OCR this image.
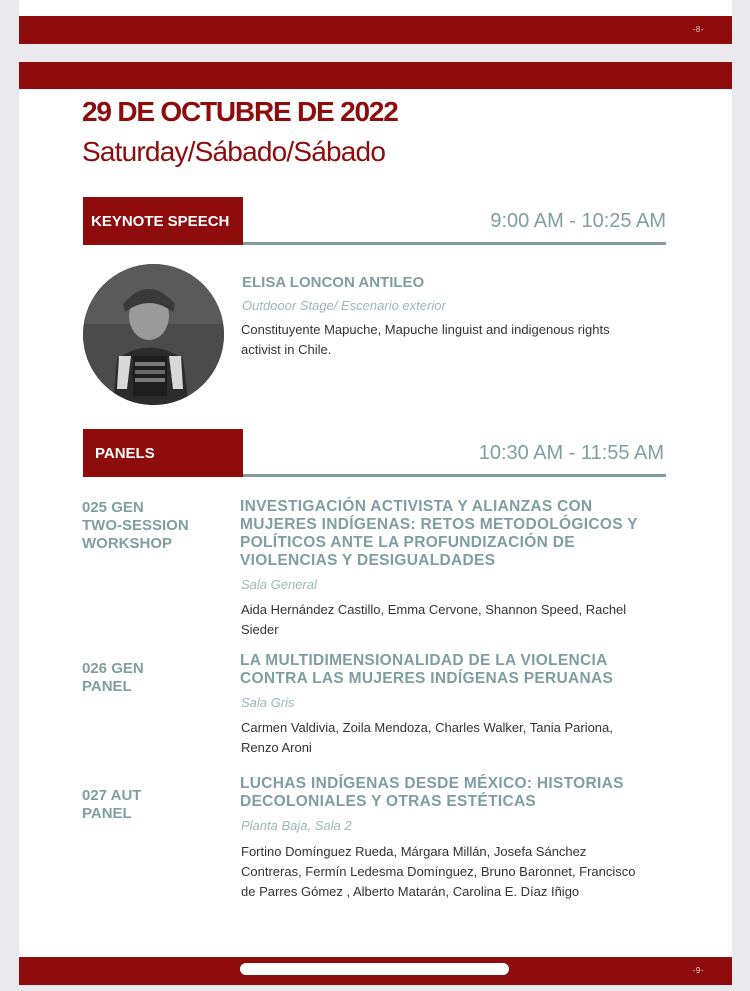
-8-
29 DE OCTUBRE DE 2022
Saturday/Sábado/Sábado
KEYNOTE SPEECH	9:00 AM - 10:25 AM
ELISA LONCON ANTILEO
Outdooor Stage/ Escenario exterior
Constituyente Mapuche, Mapuche linguist and indigenous rights
activist in Chile.
PANELS	10:30 AM - 11:55 AM
025 GEN
TWO-SESSION
WORKSHOP
INVESTIGACIÓN ACTIVISTA Y ALIANZAS CON
MUJERES INDÍGENAS: RETOS METODOLÓGICOS Y
POLÍTICOS ANTE LA PROFUNDIZACIÓN DE
VIOLENCIAS Y DESIGUALDADES
Sala General
Aida Hernández Castillo, Emma Cervone, Shannon Speed, Rachel
Sieder
026 GEN
PANEL
LA MULTIDIMENSIONALIDAD DE LA VIOLENCIA
CONTRA LAS MUJERES INDÍGENAS PERUANAS
Sala Gris
Carmen Valdivia, Zoila Mendoza, Charles Walker, Tania Pariona,
Renzo Aroni
027 AUT
PANEL
LUCHAS INDÍGENAS DESDE MÉXICO: HISTORIAS
DECOLONIALES Y OTRAS ESTÉTICAS
Planta Baja, Sala 2
Fortino Domínguez Rueda, Márgara Millán, Josefa Sánchez
Contreras, Fermín Ledesma Domínguez, Bruno Baronnet, Francisco
de Parres Gómez , Alberto Matarán, Carolina E. Díaz Iñigo
-9-
